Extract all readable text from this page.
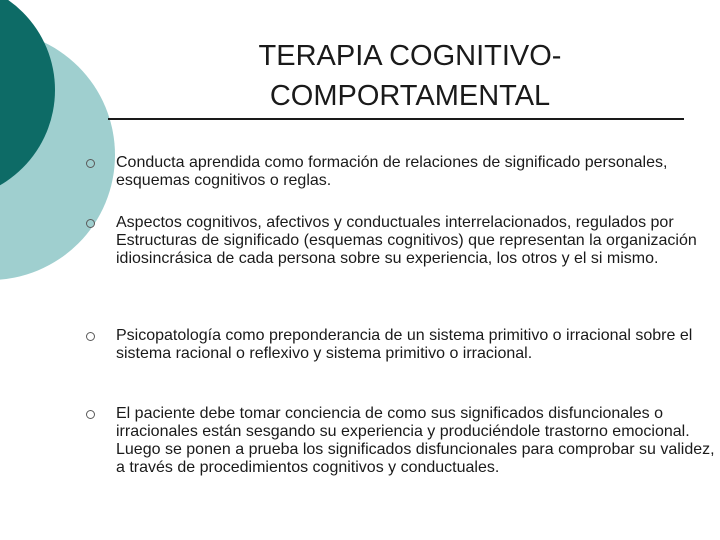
TERAPIA COGNITIVO-
COMPORTAMENTAL
Conducta aprendida como formación de relaciones de significado personales, esquemas cognitivos o reglas.
Aspectos cognitivos, afectivos y conductuales interrelacionados, regulados por Estructuras de significado (esquemas cognitivos) que representan la organización idiosincrásica de cada persona sobre su experiencia, los otros y el si mismo.
Psicopatología como preponderancia de un sistema primitivo o irracional sobre el sistema racional o reflexivo y sistema primitivo o irracional.
El paciente debe tomar conciencia de como sus significados disfuncionales o irracionales están sesgando su experiencia y produciéndole trastorno emocional. Luego se ponen a prueba los significados disfuncionales para comprobar su validez, a través de procedimientos cognitivos y conductuales.
